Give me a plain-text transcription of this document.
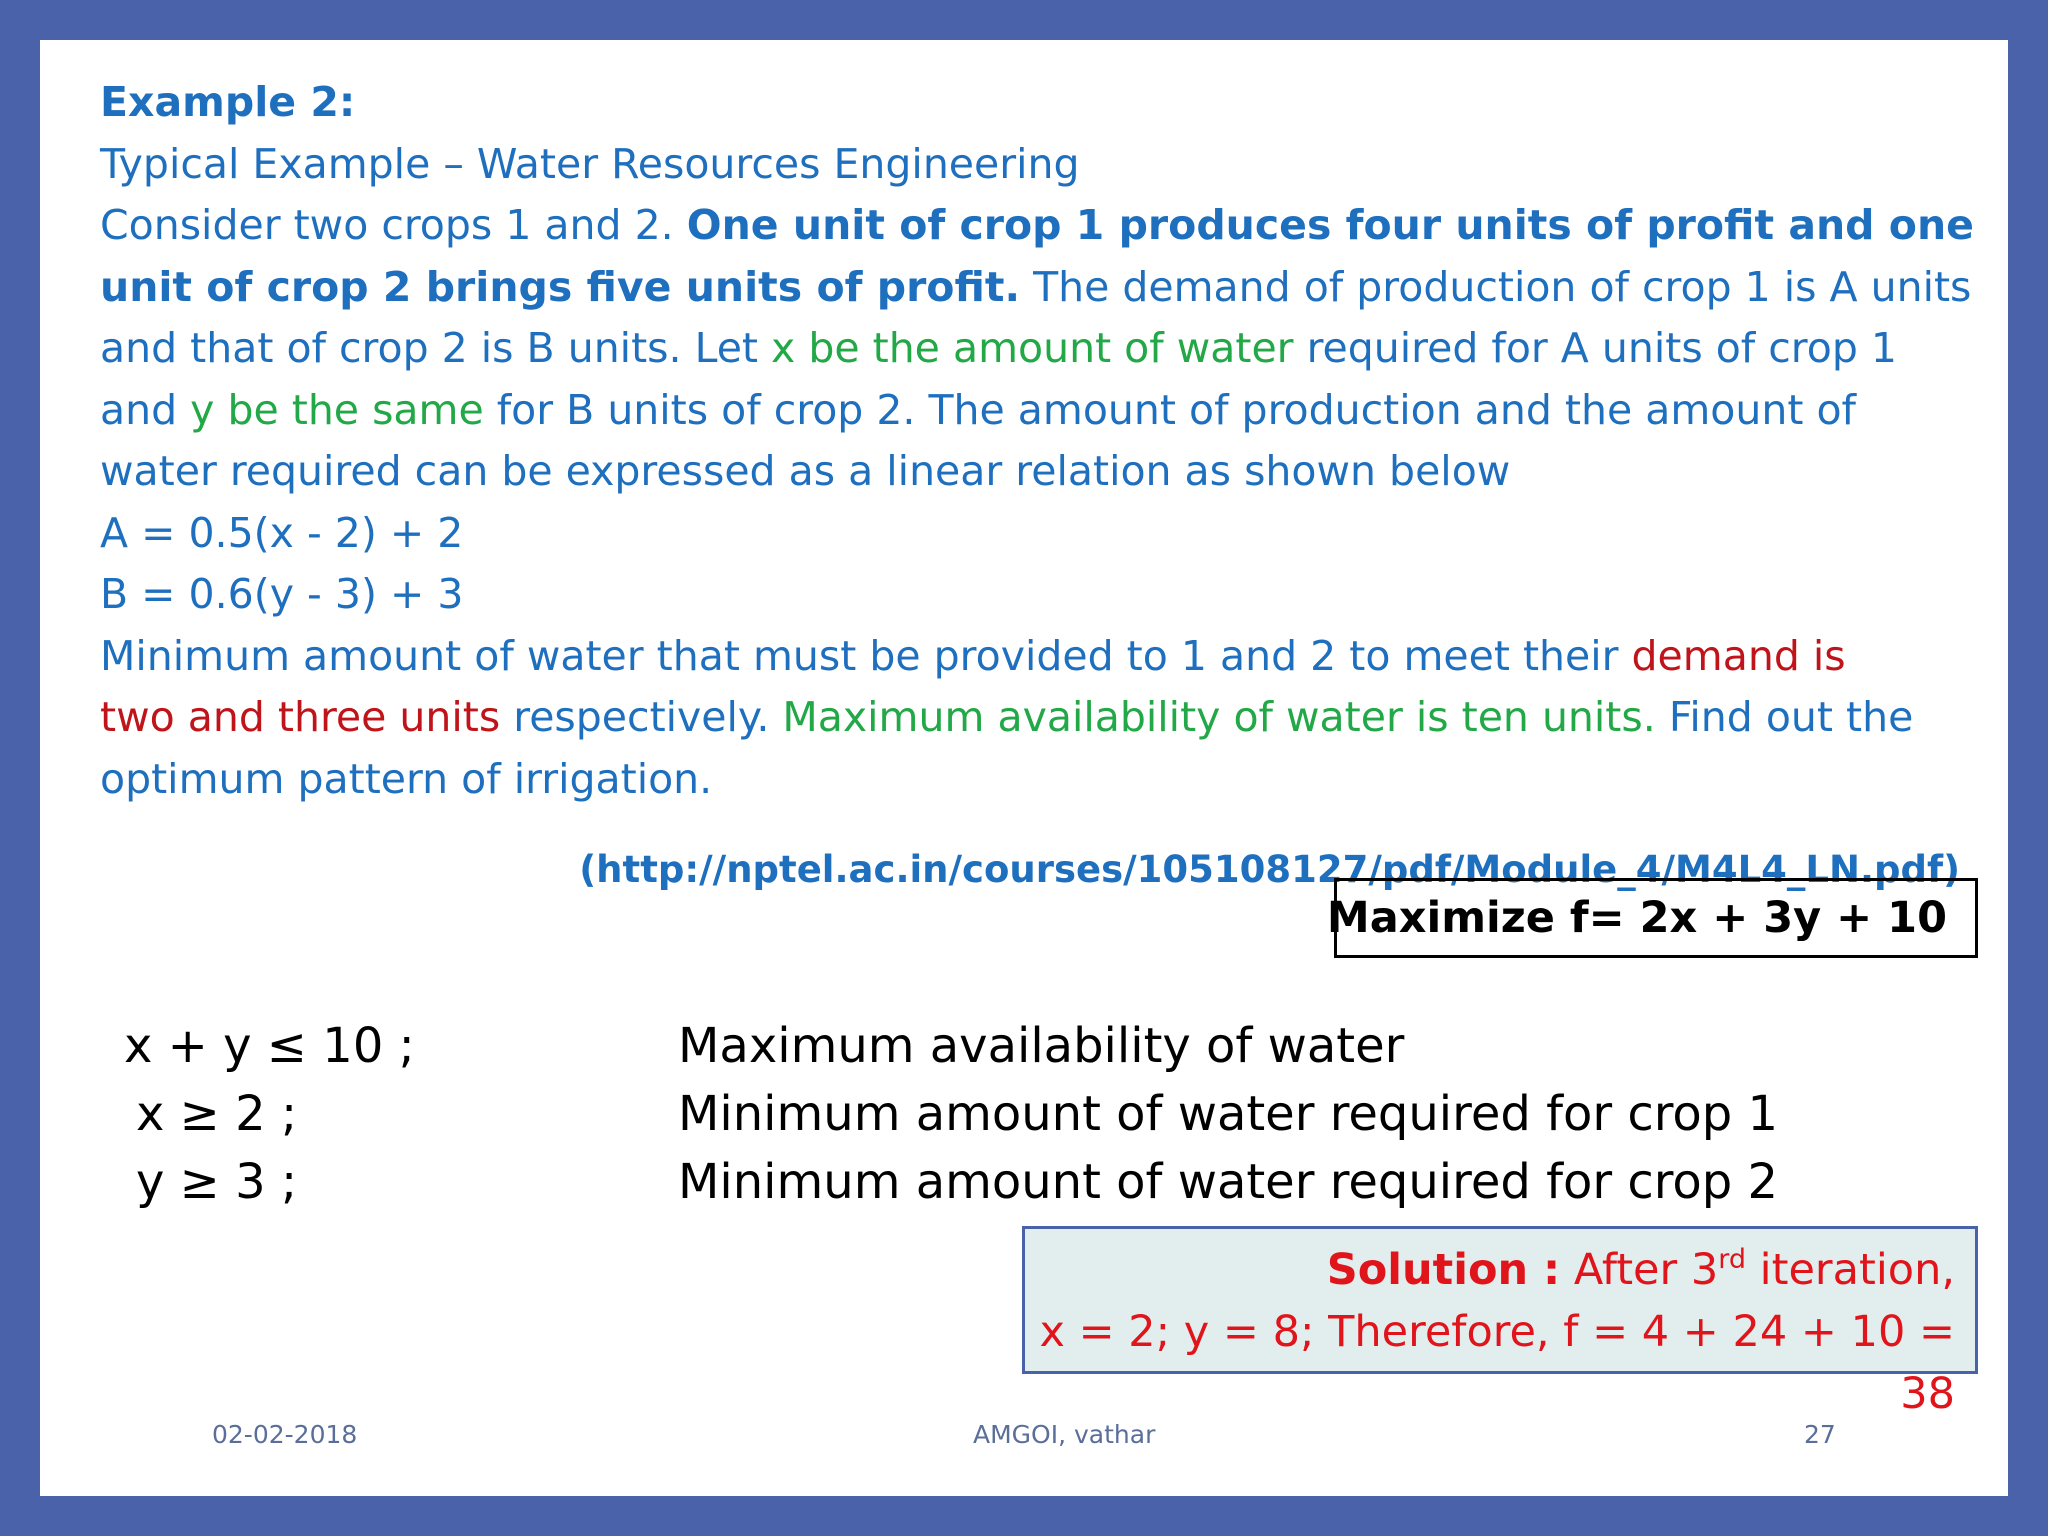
Example 2:
Typical Example – Water Resources Engineering
Consider two crops 1 and 2. One unit of crop 1 produces four units of profit and one
unit of crop 2 brings five units of profit. The demand of production of crop 1 is A units
and that of crop 2 is B units. Let x be the amount of water required for A units of crop 1
and y be the same for B units of crop 2. The amount of production and the amount of
water required can be expressed as a linear relation as shown below
A = 0.5(x - 2) + 2
B = 0.6(y - 3) + 3
Minimum amount of water that must be provided to 1 and 2 to meet their demand is
two and three units respectively. Maximum availability of water is ten units. Find out the
optimum pattern of irrigation.
(http://nptel.ac.in/courses/105108127/pdf/Module_4/M4L4_LN.pdf)
Maximize f = 2x + 3y + 10
x + y ≤ 10 ;	Maximum availability of water
x ≥ 2 ;	Minimum amount of water required for crop 1
y ≥ 3 ;	Minimum amount of water required for crop 2
Solution : After 3rd iteration,
x = 2; y = 8; Therefore, f = 4 + 24 + 10 = 38
02-02-2018	AMGOI, vathar	27
